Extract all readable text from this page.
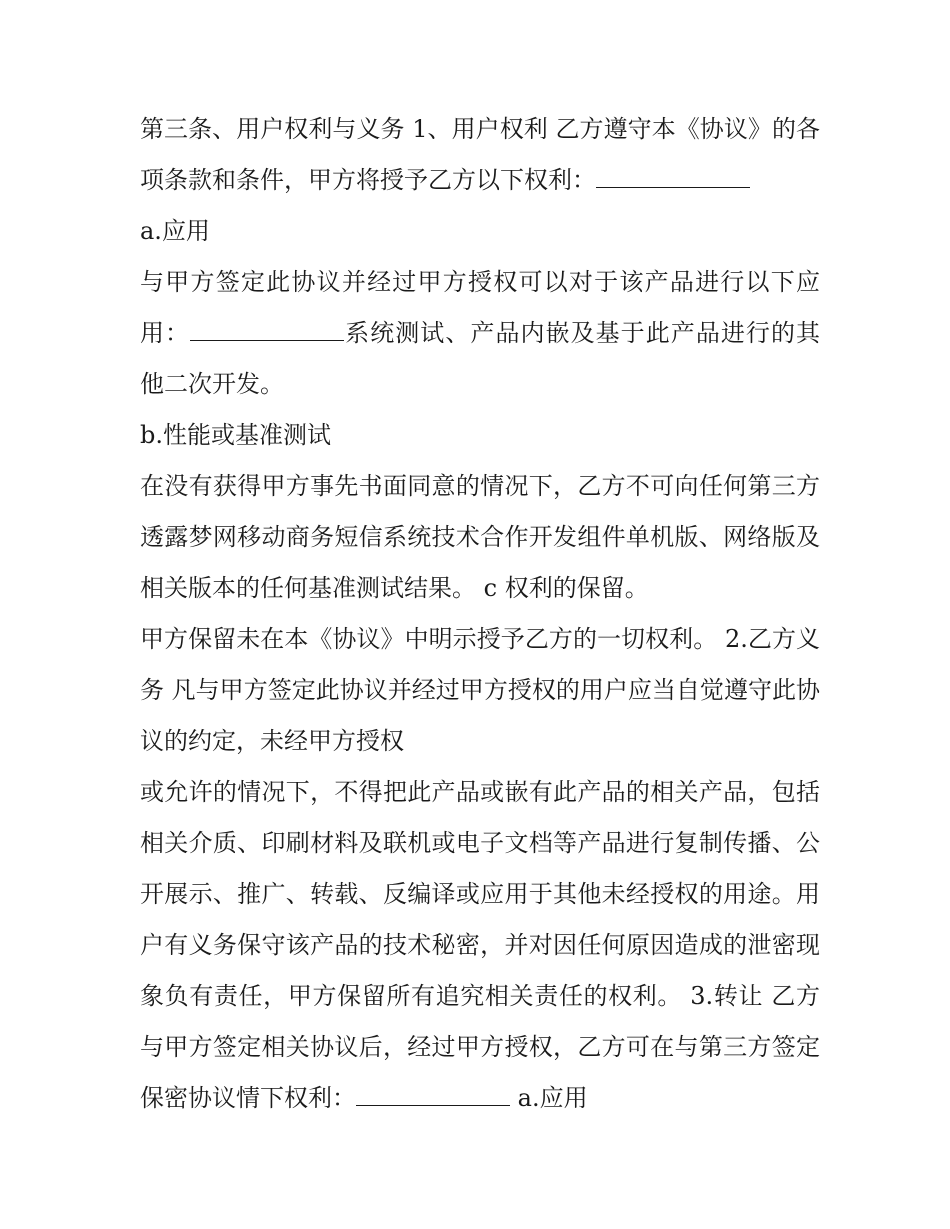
第三条、用户权利与义务 1、用户权利 乙方遵守本《协议》的各项条款和条件，甲方将授予乙方以下权利：

a.应用

与甲方签定此协议并经过甲方授权可以对于该产品进行以下应用：	系统测试、产品内嵌及基于此产品进行的其他二次开发。

b.性能或基准测试

在没有获得甲方事先书面同意的情况下，乙方不可向任何第三方透露梦网移动商务短信系统技术合作开发组件单机版、网络版及相关版本的任何基准测试结果。 c 权利的保留。

甲方保留未在本《协议》中明示授予乙方的一切权利。 2.乙方义务 凡与甲方签定此协议并经过甲方授权的用户应当自觉遵守此协议的约定，未经甲方授权

或允许的情况下，不得把此产品或嵌有此产品的相关产品，包括相关介质、印刷材料及联机或电子文档等产品进行复制传播、公开展示、推广、转载、反编译或应用于其他未经授权的用途。用户有义务保守该产品的技术秘密，并对因任何原因造成的泄密现象负有责任，甲方保留所有追究相关责任的权利。 3.转让 乙方与甲方签定相关协议后，经过甲方授权，乙方可在与第三方签定保密协议情下权利：	a.应用
